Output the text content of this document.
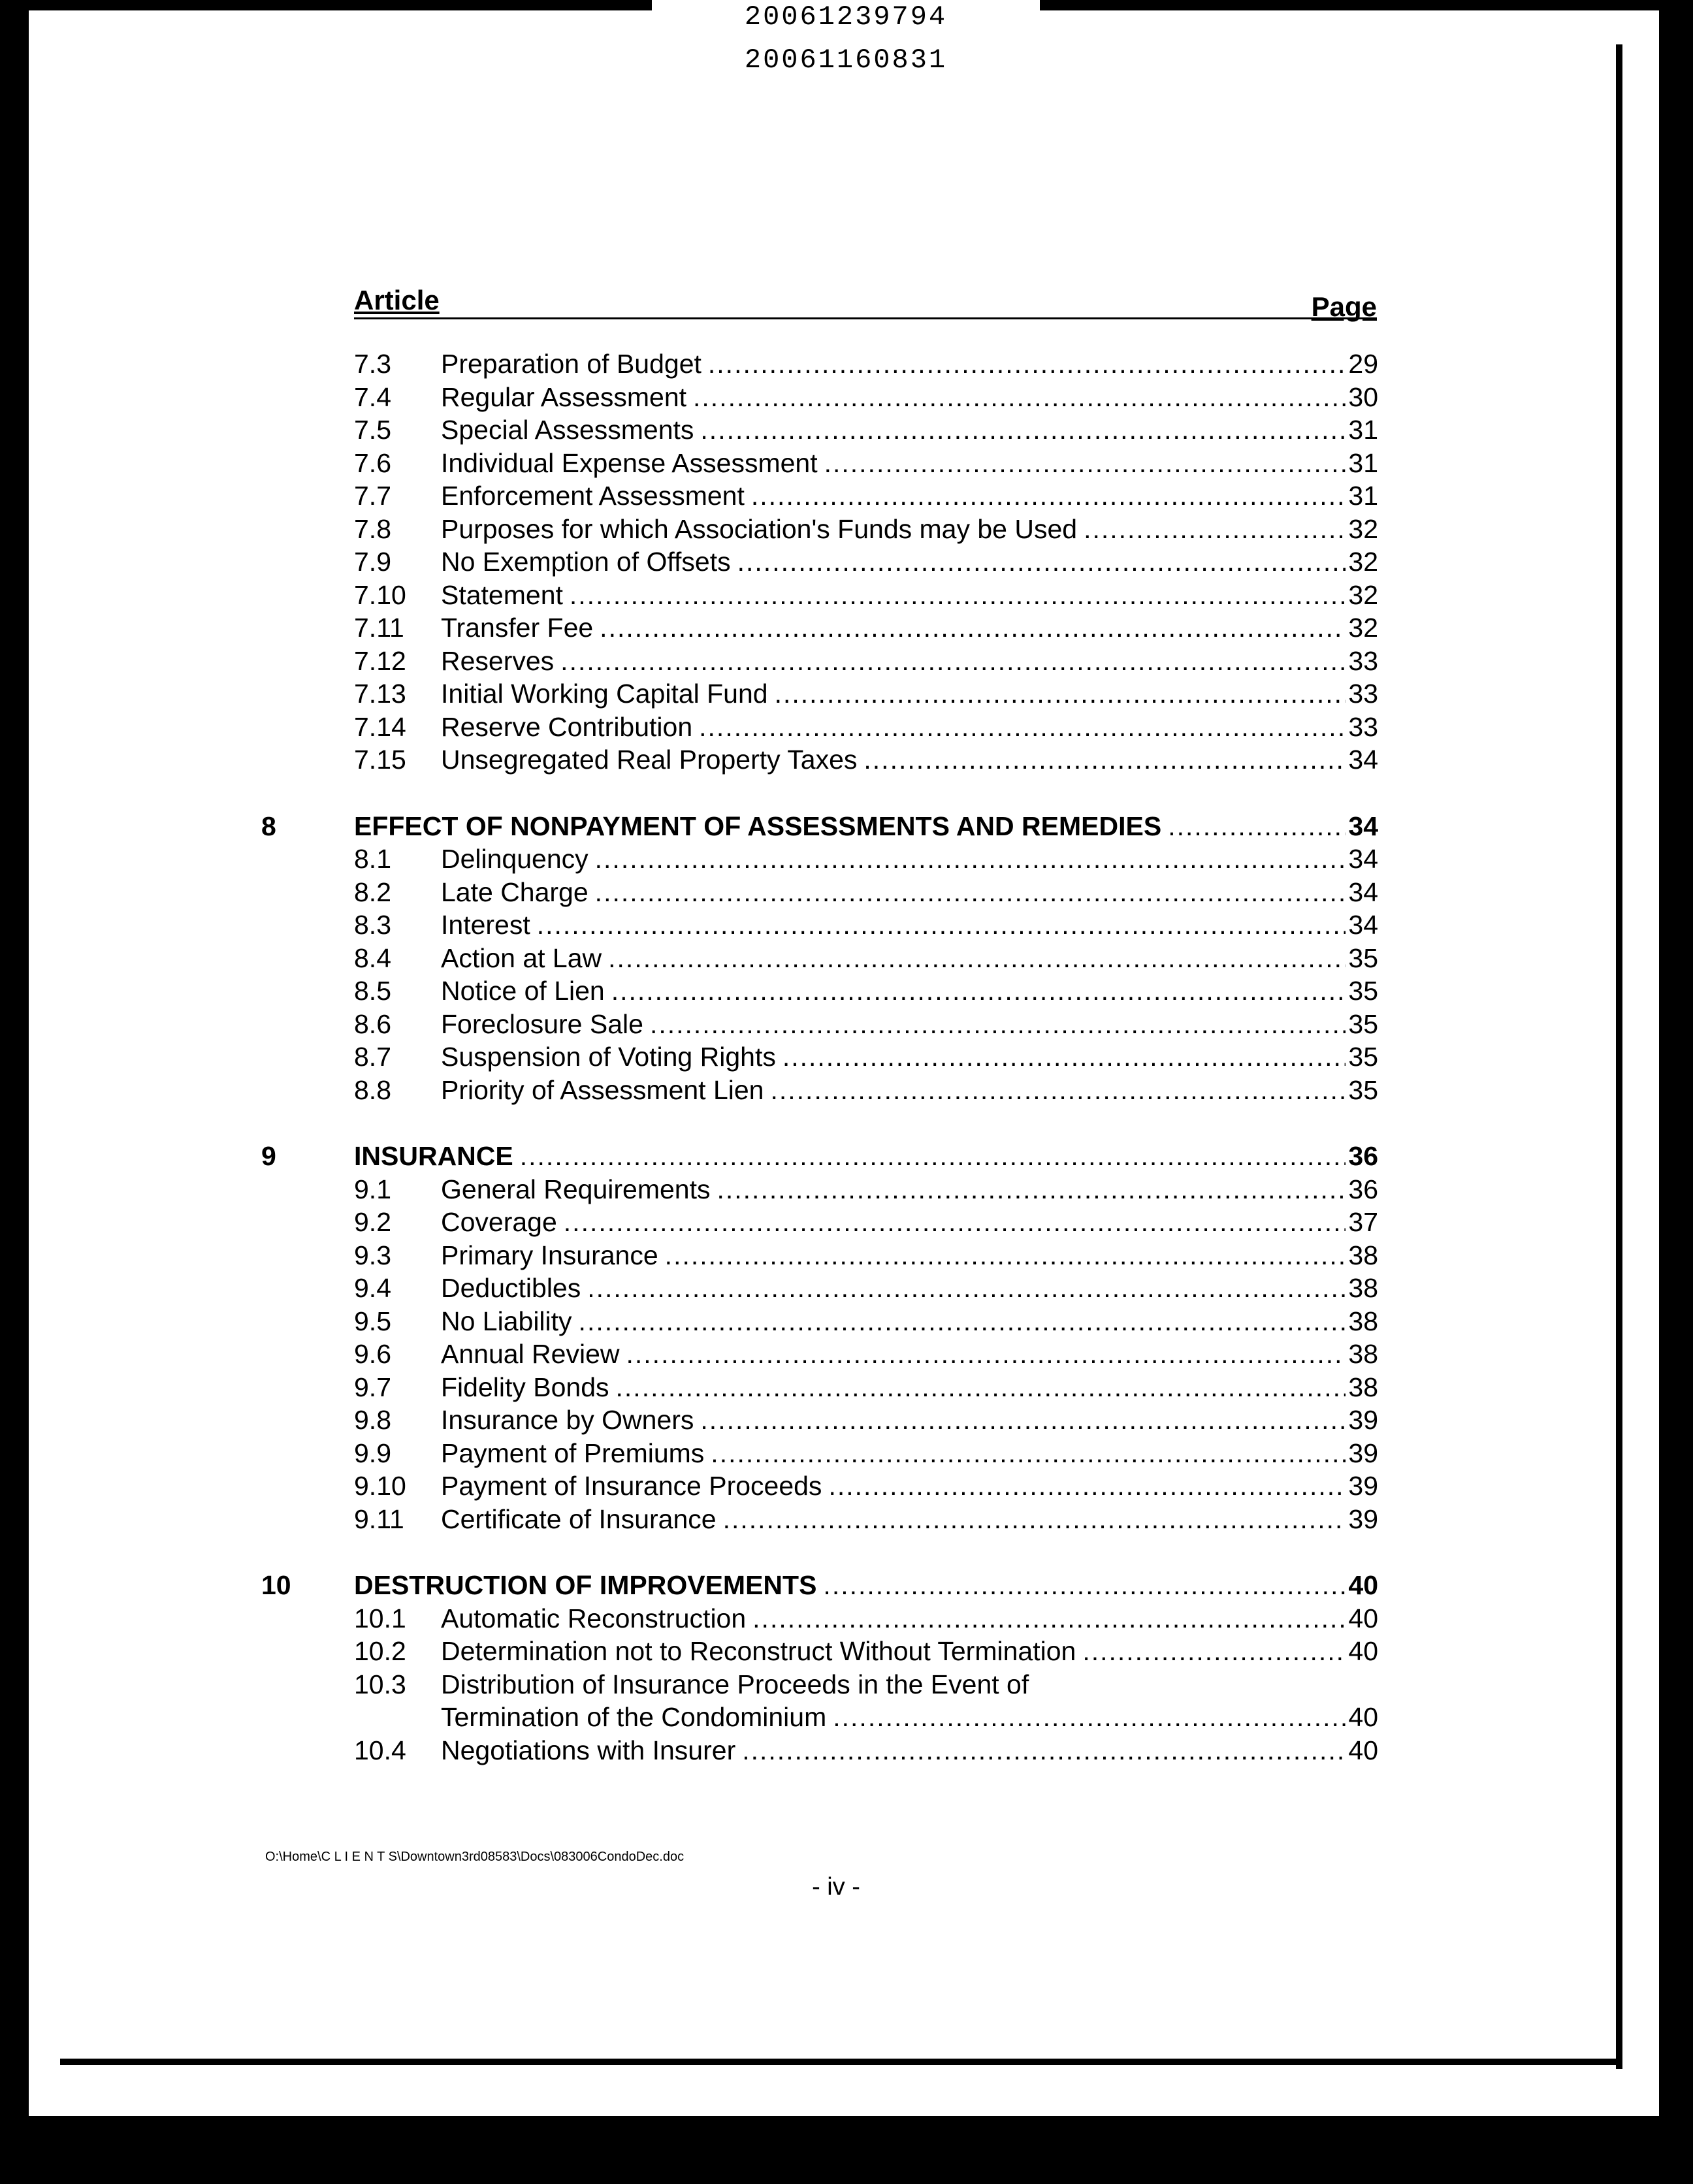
20061239794
20061160831
Article	Page
7.3 Preparation of Budget .....	29
7.4 Regular Assessment .....	30
7.5 Special Assessments .....	31
7.6 Individual Expense Assessment .....	31
7.7 Enforcement Assessment .....	31
7.8 Purposes for which Association's Funds may be Used .....	32
7.9 No Exemption of Offsets .....	32
7.10 Statement .....	32
7.11 Transfer Fee .....	32
7.12 Reserves .....	33
7.13 Initial Working Capital Fund .....	33
7.14 Reserve Contribution .....	33
7.15 Unsegregated Real Property Taxes .....	34
8	EFFECT OF NONPAYMENT OF ASSESSMENTS AND REMEDIES .....	34
8.1 Delinquency .....	34
8.2 Late Charge .....	34
8.3 Interest .....	34
8.4 Action at Law .....	35
8.5 Notice of Lien .....	35
8.6 Foreclosure Sale .....	35
8.7 Suspension of Voting Rights .....	35
8.8 Priority of Assessment Lien .....	35
9	INSURANCE .....	36
9.1 General Requirements .....	36
9.2 Coverage .....	37
9.3 Primary Insurance .....	38
9.4 Deductibles .....	38
9.5 No Liability .....	38
9.6 Annual Review .....	38
9.7 Fidelity Bonds .....	38
9.8 Insurance by Owners .....	39
9.9 Payment of Premiums .....	39
9.10 Payment of Insurance Proceeds .....	39
9.11 Certificate of Insurance .....	39
10 DESTRUCTION OF IMPROVEMENTS .....	40
10.1 Automatic Reconstruction .....	40
10.2 Determination not to Reconstruct Without Termination .....	40
10.3 Distribution of Insurance Proceeds in the Event of
Termination of the Condominium .....	40
10.4 Negotiations with Insurer .....	40
O:\Home\C L I E N T S\Downtown3rd08583\Docs\083006CondoDec.doc
- iv -
